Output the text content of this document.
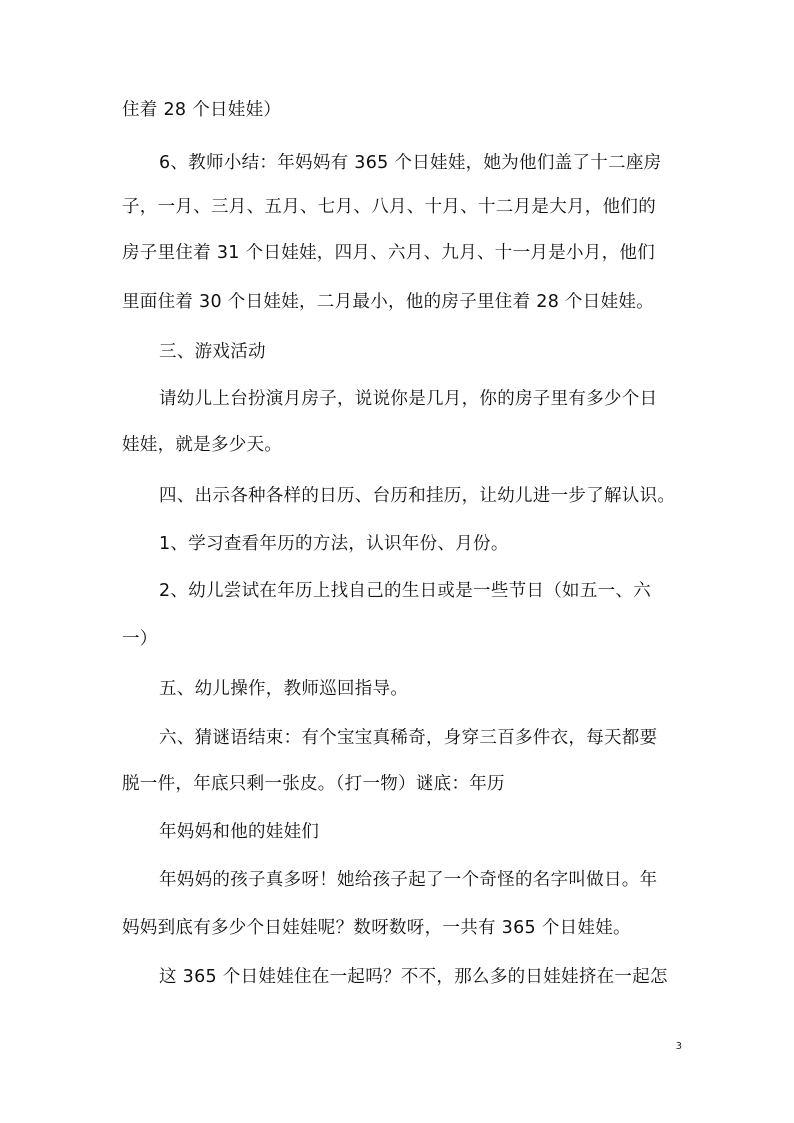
住着 28 个日娃娃）
6、教师小结：年妈妈有 365 个日娃娃，她为他们盖了十二座房
子，一月、三月、五月、七月、八月、十月、十二月是大月，他们的
房子里住着 31 个日娃娃，四月、六月、九月、十一月是小月，他们
里面住着 30 个日娃娃，二月最小，他的房子里住着 28 个日娃娃。
三、游戏活动
请幼儿上台扮演月房子，说说你是几月，你的房子里有多少个日
娃娃，就是多少天。
四、出示各种各样的日历、台历和挂历，让幼儿进一步了解认识。
1、学习查看年历的方法，认识年份、月份。
2、幼儿尝试在年历上找自己的生日或是一些节日（如五一、六
一）
五、幼儿操作，教师巡回指导。
六、猜谜语结束：有个宝宝真稀奇，身穿三百多件衣，每天都要
脱一件，年底只剩一张皮。（打一物）谜底：年历
年妈妈和他的娃娃们
年妈妈的孩子真多呀！她给孩子起了一个奇怪的名字叫做日。年
妈妈到底有多少个日娃娃呢？数呀数呀，一共有 365 个日娃娃。
这 365 个日娃娃住在一起吗？不不，那么多的日娃娃挤在一起怎
3
